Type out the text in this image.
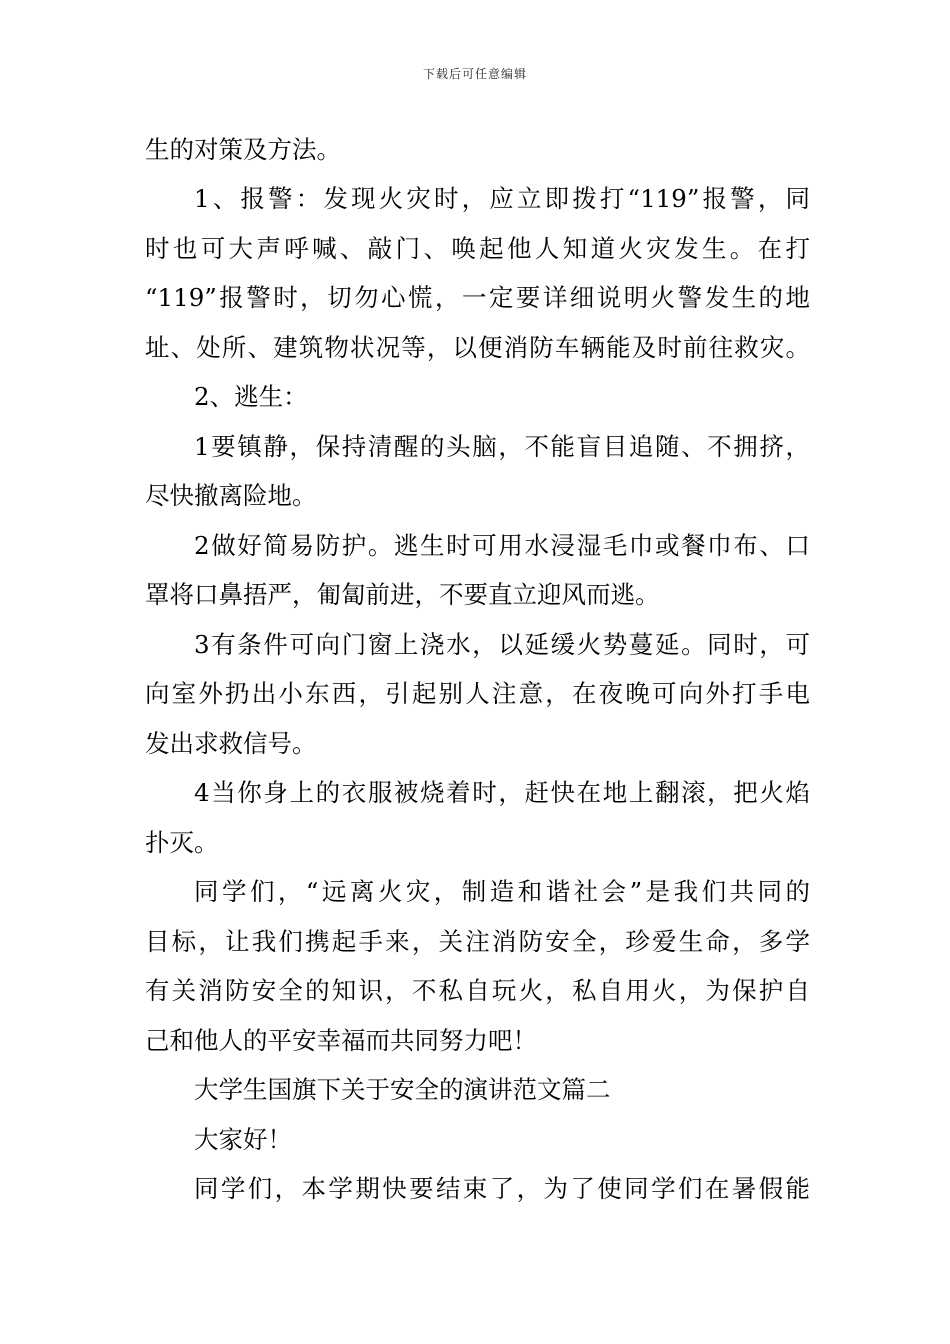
下载后可任意编辑
生的对策及方法。
1、报警：发现火灾时，应立即拨打“119”报警，同
时也可大声呼喊、敲门、唤起他人知道火灾发生。在打
“119”报警时，切勿心慌，一定要详细说明火警发生的地
址、处所、建筑物状况等，以便消防车辆能及时前往救灾。
2、逃生：
1要镇静，保持清醒的头脑，不能盲目追随、不拥挤，
尽快撤离险地。
2做好简易防护。逃生时可用水浸湿毛巾或餐巾布、口
罩将口鼻捂严，匍匐前进，不要直立迎风而逃。
3有条件可向门窗上浇水，以延缓火势蔓延。同时，可
向室外扔出小东西，引起别人注意，在夜晚可向外打手电
发出求救信号。
4当你身上的衣服被烧着时，赶快在地上翻滚，把火焰
扑灭。
同学们，“远离火灾，制造和谐社会”是我们共同的
目标，让我们携起手来，关注消防安全，珍爱生命，多学
有关消防安全的知识，不私自玩火，私自用火，为保护自
己和他人的平安幸福而共同努力吧！
大学生国旗下关于安全的演讲范文篇二
大家好！
同学们，本学期快要结束了，为了使同学们在暑假能
